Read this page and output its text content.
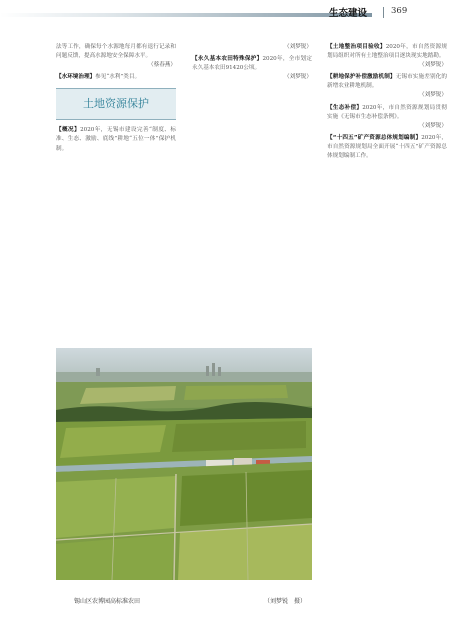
生态建设	369

法等工作，确保每个水源地每月都有退行记录和问题反馈，提高水源地安全保障水平。

（蔡春燕）

【水环境治理】参见“水利”类目。

土地资源保护

【概况】2020年，无锡市建设完善“制度、标准、生态、激励、底线”耕地“五位一体”保护机制。

（刘梦锐）

【永久基本农田特殊保护】2020年，全市划定永久基本农田91420公顷。

（刘梦锐）

【土地整治项目验收】2020年，市自然资源规划局组织对所有土地整治项目逐块现实地踏勘。

（刘梦锐）

【耕地保护补偿激励机制】无锡市实施差别化的新增农业耕地机制。

（刘梦锐）

【生态补偿】2020年，市自然资源规划局贯彻实施《无锡市生态补偿条例》。

（刘梦锐）

【“十四五”矿产资源总体规划编制】2020年，市自然资源规划局全面开展“十四五”矿产资源总体规划编制工作。

锡山区农博园高标准农田	（刘梦锐　摄）
